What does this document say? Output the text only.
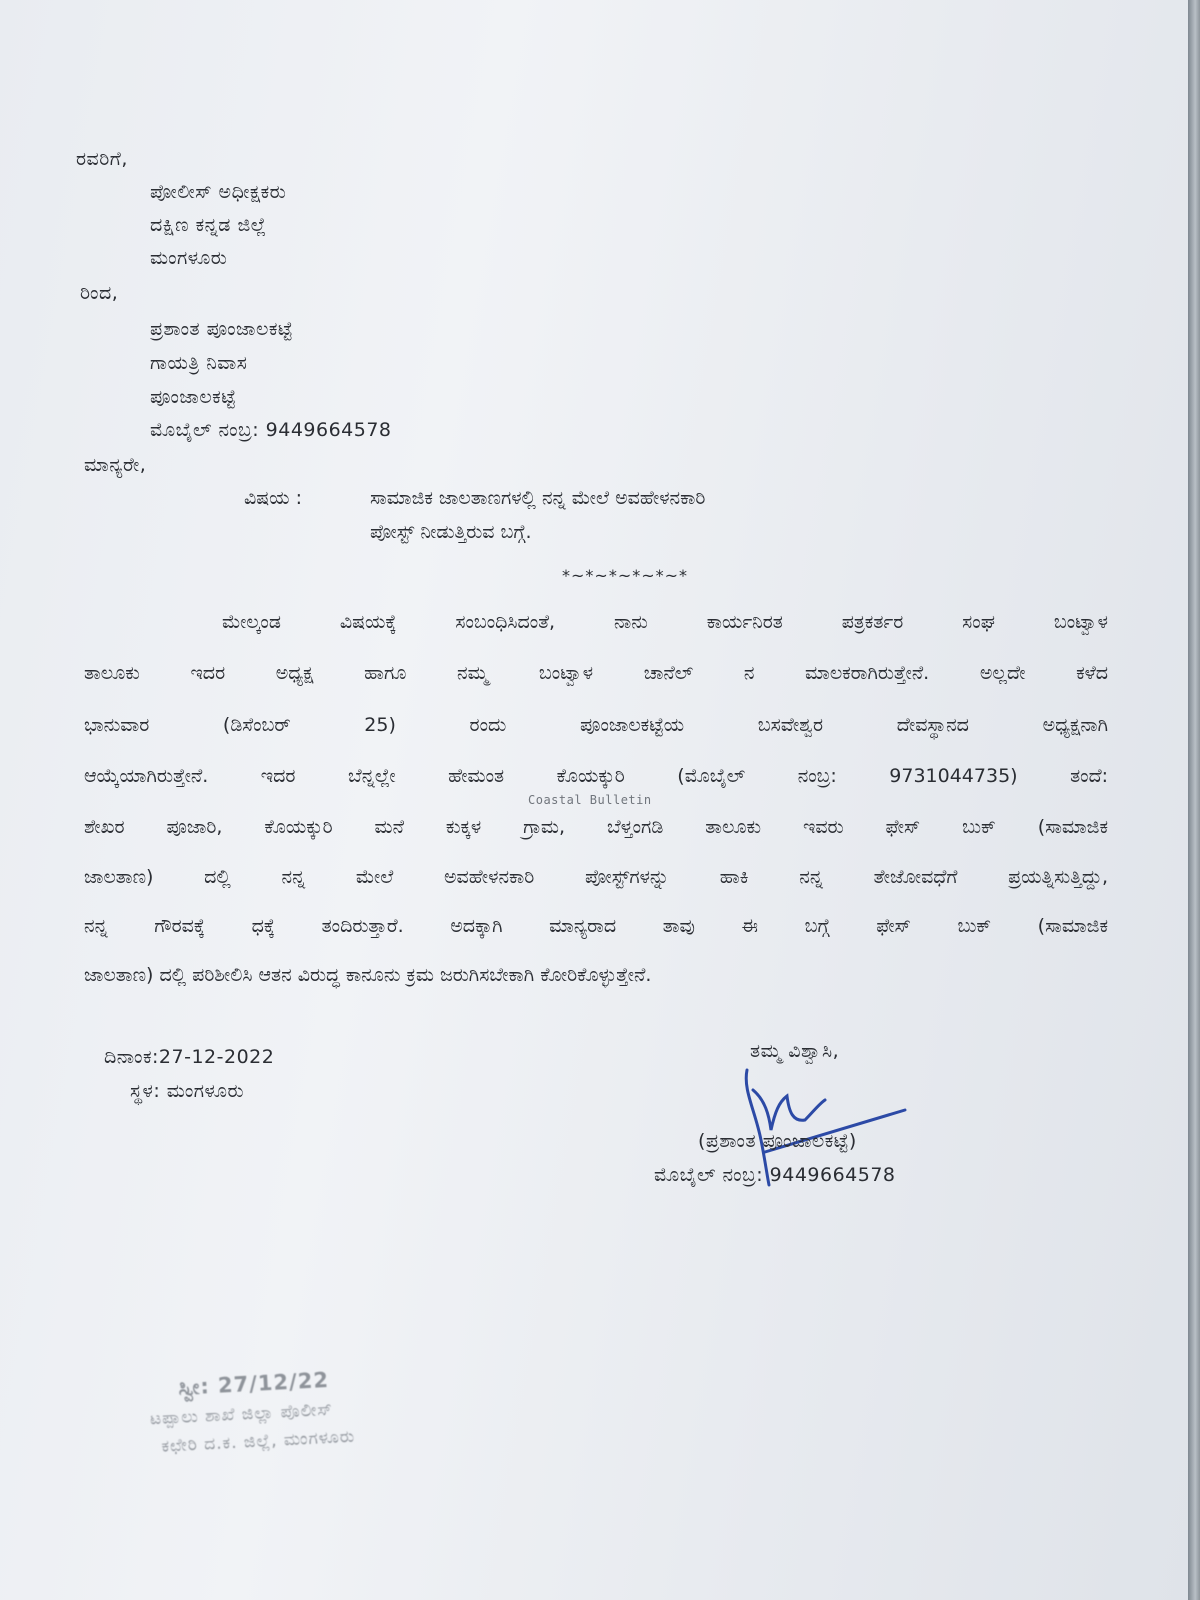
ರವರಿಗೆ,
ಪೋಲೀಸ್ ಅಧೀಕ್ಷಕರು
ದಕ್ಷಿಣ ಕನ್ನಡ ಜಿಲ್ಲೆ
ಮಂಗಳೂರು
ರಿಂದ,
ಪ್ರಶಾಂತ ಪೂಂಜಾಲಕಟ್ಟೆ
ಗಾಯತ್ರಿ ನಿವಾಸ
ಪೂಂಜಾಲಕಟ್ಟೆ
ಮೊಬೈಲ್ ನಂಬ್ರ: 9449664578
ಮಾನ್ಯರೇ,
ವಿಷಯ :	ಸಾಮಾಜಿಕ ಜಾಲತಾಣಗಳಲ್ಲಿ ನನ್ನ ಮೇಲೆ ಅವಹೇಳನಕಾರಿ
ಪೋಸ್ಟ್ ನೀಡುತ್ತಿರುವ ಬಗ್ಗೆ.
*~*~*~*~*~*
ಮೇಲ್ಕಂಡ ವಿಷಯಕ್ಕೆ ಸಂಬಂಧಿಸಿದಂತೆ, ನಾನು ಕಾರ್ಯನಿರತ ಪತ್ರಕರ್ತರ ಸಂಘ ಬಂಟ್ವಾಳ
ತಾಲೂಕು ಇದರ ಅಧ್ಯಕ್ಷ ಹಾಗೂ ನಮ್ಮ ಬಂಟ್ವಾಳ ಚಾನೆಲ್ ನ ಮಾಲಕರಾಗಿರುತ್ತೇನೆ. ಅಲ್ಲದೇ ಕಳೆದ
ಭಾನುವಾರ (ಡಿಸೆಂಬರ್ 25) ರಂದು ಪೂಂಜಾಲಕಟ್ಟೆಯ ಬಸವೇಶ್ವರ ದೇವಸ್ಥಾನದ ಅಧ್ಯಕ್ಷನಾಗಿ
ಆಯ್ಕೆಯಾಗಿರುತ್ತೇನೆ. ಇದರ ಬೆನ್ನಲ್ಲೇ ಹೇಮಂತ ಕೊಯಕ್ಕುರಿ (ಮೊಬೈಲ್ ನಂಬ್ರ: 9731044735) ತಂದೆ:
ಶೇಖರ ಪೂಜಾರಿ, ಕೊಯಕ್ಕುರಿ ಮನೆ ಕುಕ್ಕಳ ಗ್ರಾಮ, ಬೆಳ್ತಂಗಡಿ ತಾಲೂಕು ಇವರು ಫೇಸ್ ಬುಕ್ (ಸಾಮಾಜಿಕ
ಜಾಲತಾಣ) ದಲ್ಲಿ ನನ್ನ ಮೇಲೆ ಅವಹೇಳನಕಾರಿ ಪೋಸ್ಟ್‌ಗಳನ್ನು ಹಾಕಿ ನನ್ನ ತೇಜೋವಧೆಗೆ ಪ್ರಯತ್ನಿಸುತ್ತಿದ್ದು,
ನನ್ನ ಗೌರವಕ್ಕೆ ಧಕ್ಕೆ ತಂದಿರುತ್ತಾರೆ. ಅದಕ್ಕಾಗಿ ಮಾನ್ಯರಾದ ತಾವು ಈ ಬಗ್ಗೆ ಫೇಸ್ ಬುಕ್ (ಸಾಮಾಜಿಕ
ಜಾಲತಾಣ) ದಲ್ಲಿ ಪರಿಶೀಲಿಸಿ ಆತನ ವಿರುದ್ಧ ಕಾನೂನು ಕ್ರಮ ಜರುಗಿಸಬೇಕಾಗಿ ಕೋರಿಕೊಳ್ಳುತ್ತೇನೆ.
Coastal Bulletin
ದಿನಾಂಕ:27-12-2022
ಸ್ಥಳ: ಮಂಗಳೂರು
ತಮ್ಮ ವಿಶ್ವಾಸಿ,
(ಪ್ರಶಾಂತ ಪೂಂಜಾಲಕಟ್ಟೆ)
ಮೊಬೈಲ್ ನಂಬ್ರ: 9449664578
ಸ್ವೀ: 27/12/22
ಟಪ್ಪಾಲು ಶಾಖೆ ಜಿಲ್ಲಾ ಪೊಲೀಸ್
ಕಛೇರಿ ದ.ಕ. ಜಿಲ್ಲೆ, ಮಂಗಳೂರು
